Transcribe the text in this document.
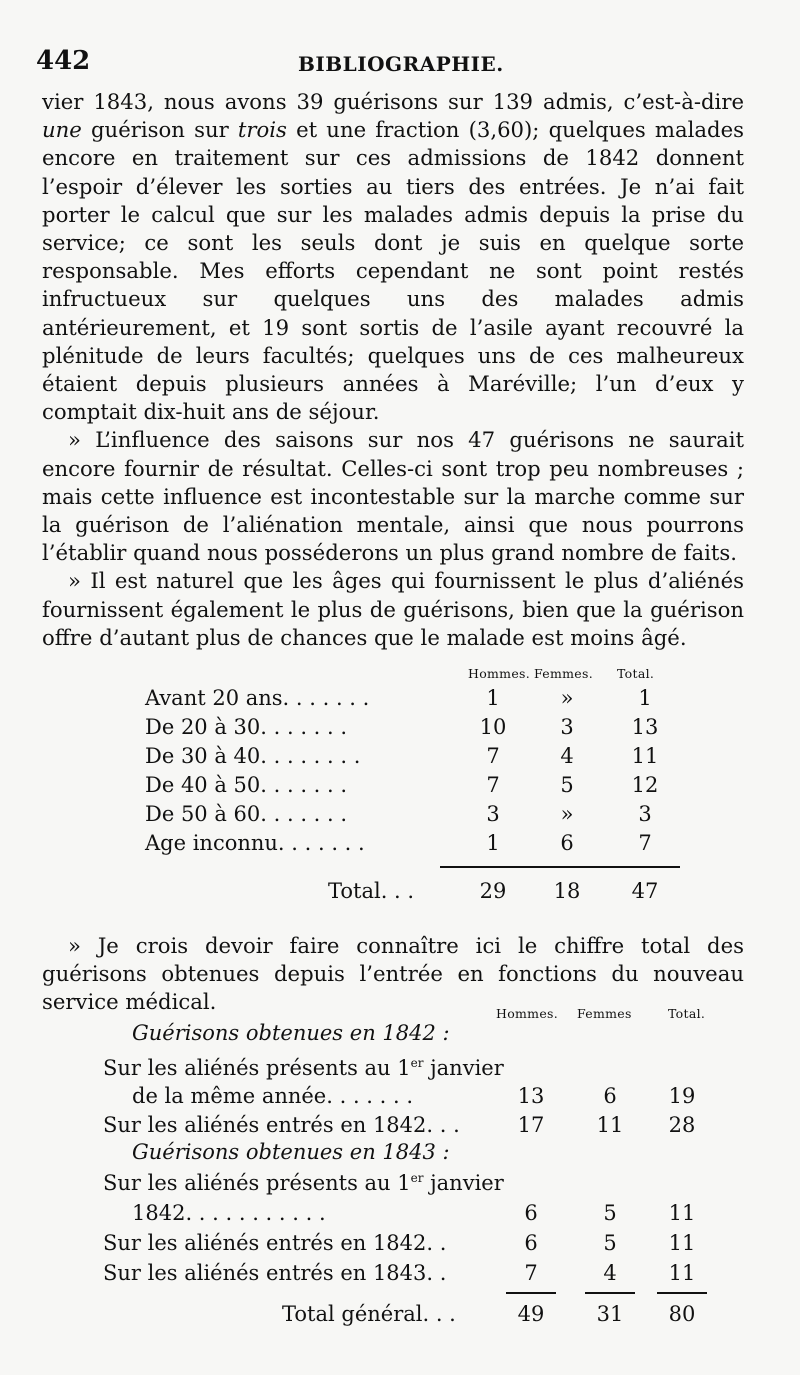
442	BIBLIOGRAPHIE.

vier 1843, nous avons 39 guérisons sur 139 admis, c’est-à-dire une guérison sur trois et une fraction (3,60); quelques malades encore en traitement sur ces admissions de 1842 donnent l’espoir d’élever les sorties au tiers des entrées. Je n’ai fait porter le calcul que sur les malades admis depuis la prise du service; ce sont les seuls dont je suis en quelque sorte responsable. Mes efforts cependant ne sont point restés infructueux sur quelques uns des malades admis antérieurement, et 19 sont sortis de l’asile ayant recouvré la plénitude de leurs facultés; quelques uns de ces malheureux étaient depuis plusieurs années à Maréville; l’un d’eux y comptait dix-huit ans de séjour.

» L’influence des saisons sur nos 47 guérisons ne saurait encore fournir de résultat. Celles-ci sont trop peu nombreuses ; mais cette influence est incontestable sur la marche comme sur la guérison de l’aliénation mentale, ainsi que nous pourrons l’établir quand nous posséderons un plus grand nombre de faits.

» Il est naturel que les âges qui fournissent le plus d’aliénés fournissent également le plus de guérisons, bien que la guérison offre d’autant plus de chances que le malade est moins âgé.

Hommes. Femmes. Total.
Avant 20 ans. . . . . . .	1	»	1
De 20 à 30. . . . . . .	10	3	13
De 30 à 40. . . . . . . .	7	4	11
De 40 à 50. . . . . . .	7	5	12
De 50 à 60. . . . . . .	3	»	3
Age inconnu. . . . . . .	1	6	7
Total. . .	29	18	47
» Je crois devoir faire connaître ici le chiffre total des guérisons obtenues depuis l’entrée en fonctions du nouveau service médical.	Hommes. Femmes	Total.
Guérisons obtenues en 1842 :
Sur les aliénés présents au 1er janvier
de la même année. . . . . . .	13	6	19
Sur les aliénés entrés en 1842. . .	17	11	28
Guérisons obtenues en 1843 :
Sur les aliénés présents au 1er janvier
1842. . . . . . . . . . .	6	5	11
Sur les aliénés entrés en 1842. .	6	5	11
Sur les aliénés entrés en 1843. .	7	4	11
Total général. . .	49	31	80
